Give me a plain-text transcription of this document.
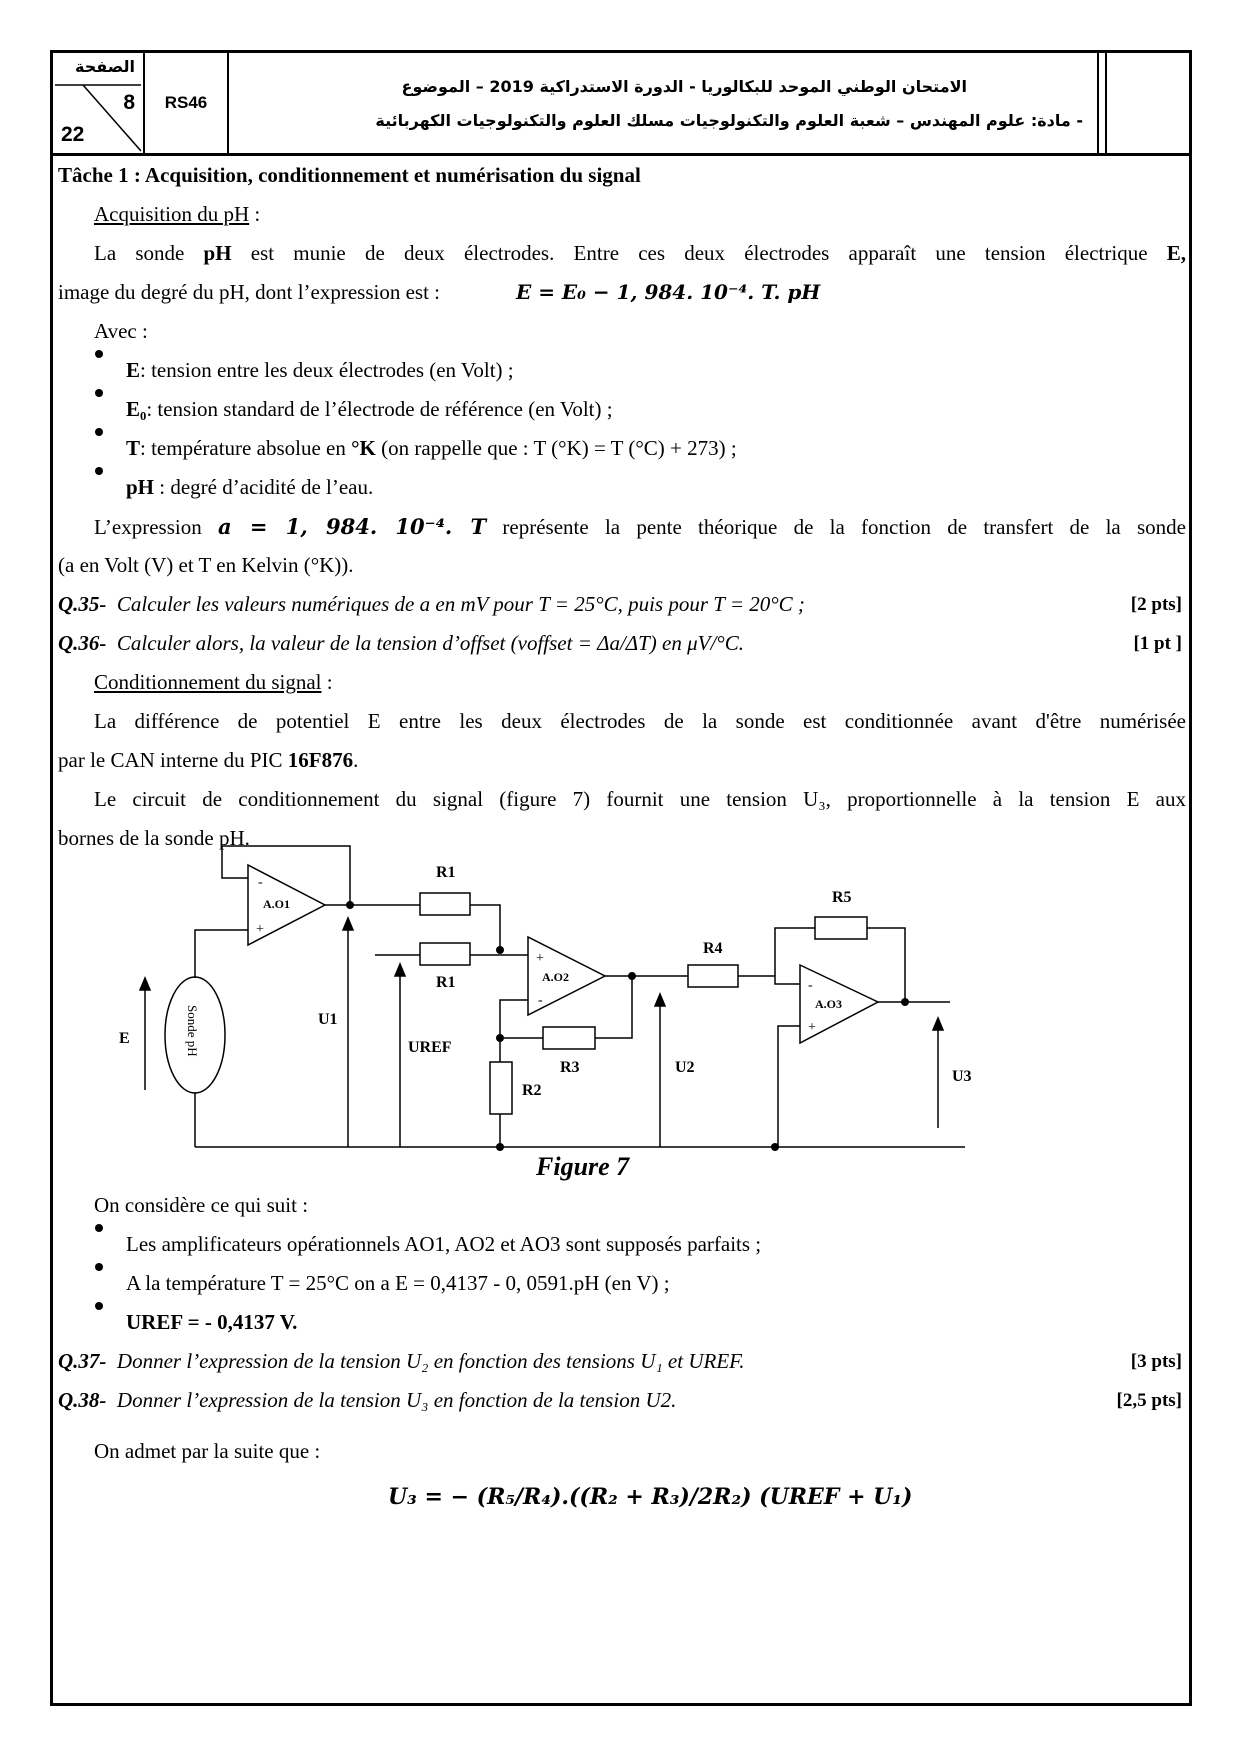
الصفحة
8
22
RS46
الامتحان الوطني الموحد للبكالوريا - الدورة الاستدراكية 2019 – الموضوع
- مادة: علوم المهندس – شعبة العلوم والتكنولوجيات مسلك العلوم والتكنولوجيات الكهربائية
Tâche 1 : Acquisition, conditionnement et numérisation du signal
Acquisition du pH :
La sonde pH est munie de deux électrodes. Entre ces deux électrodes apparaît une tension électrique E,
image du degré du pH, dont l’expression est :	E = E₀ − 1, 984. 10⁻⁴. T. pH
Avec :
E: tension entre les deux électrodes (en Volt) ;
E₀: tension standard de l’électrode de référence (en Volt) ;
T: température absolue en °K (on rappelle que : T (°K) = T (°C) + 273) ;
pH : degré d’acidité de l’eau.
L’expression a = 1, 984. 10⁻⁴. T représente la pente théorique de la fonction de transfert de la sonde
(a en Volt (V) et T en Kelvin (°K)).
Q.35- Calculer les valeurs numériques de a en mV pour T = 25°C, puis pour T = 20°C ;	[2 pts]
Q.36- Calculer alors, la valeur de la tension d’offset (voffset = Δa/ΔT) en μV/°C.	[1 pt ]
Conditionnement du signal :
La différence de potentiel E entre les deux électrodes de la sonde est conditionnée avant d'être numérisée
par le CAN interne du PIC 16F876.
Le circuit de conditionnement du signal (figure 7) fournit une tension U₃, proportionnelle à la tension E aux
bornes de la sonde pH.
-
+
A.O1
+
-
A.O2
-
+
A.O3
R1
R1
R2
R3
R4
R5
E
U1
UREF
U2
U3
Sonde pH
Figure 7
On considère ce qui suit :
Les amplificateurs opérationnels AO1, AO2 et AO3 sont supposés parfaits ;
A la température T = 25°C on a E = 0,4137 - 0, 0591.pH (en V) ;
UREF = - 0,4137 V.
Q.37- Donner l’expression de la tension U₂ en fonction des tensions U₁ et UREF.	[3 pts]
Q.38- Donner l’expression de la tension U₃ en fonction de la tension U2.	[2,5 pts]
On admet par la suite que :
U₃ = − (R₅/R₄).((R₂ + R₃)/2R₂) (UREF + U₁)
